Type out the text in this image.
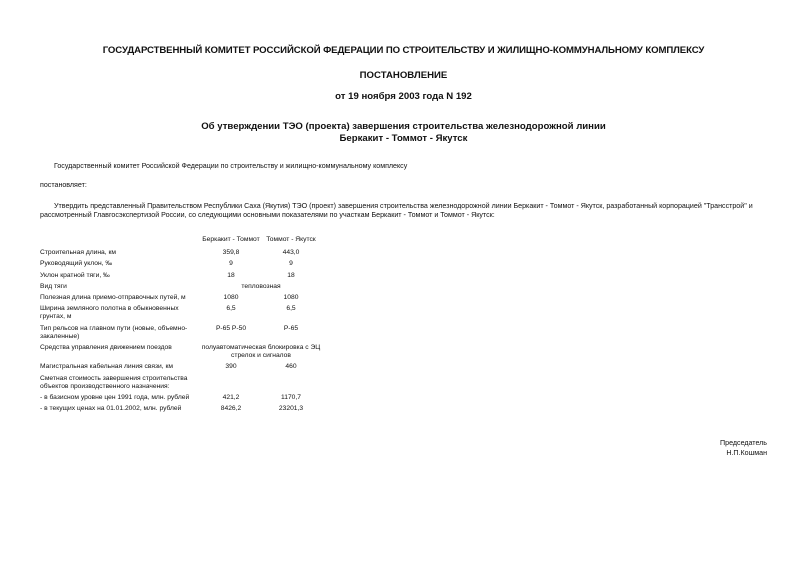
ГОСУДАРСТВЕННЫЙ КОМИТЕТ РОССИЙСКОЙ ФЕДЕРАЦИИ ПО СТРОИТЕЛЬСТВУ И ЖИЛИЩНО-КОММУНАЛЬНОМУ КОМПЛЕКСУ
ПОСТАНОВЛЕНИЕ
от 19 ноября 2003 года N 192
Об утверждении ТЭО (проекта) завершения строительства железнодорожной линии
Беркакит - Томмот - Якутск
Государственный комитет Российской Федерации по строительству и жилищно-коммунальному комплексу
постановляет:
Утвердить представленный Правительством Республики Саха (Якутия) ТЭО (проект) завершения строительства железнодорожной линии Беркакит - Томмот - Якутск, разработанный корпорацией "Трансстрой" и рассмотренный Главгосэкспертизой России, со следующими основными показателями по участкам Беркакит - Томмот и Томмот - Якутск:
		Беркакит - Томмот	Томмот - Якутск
Строительная длина, км		359,8	443,0
Руководящий уклон, ‰		9	9
Уклон кратной тяги, ‰		18	18
Вид тяги		тепловозная	
Полезная длина приемо-отправочных путей, м		1080	1080
Ширина земляного полотна в обыкновенных грунтах, м		6,5	6,5
Тип рельсов на главном пути (новые, объемно-закаленные)		Р-65 Р-50	Р-65
Средства управления движением поездов		полуавтоматическая блокировка с ЭЦ стрелок и сигналов	
Магистральная кабельная линия связи, км		390	460
Сметная стоимость завершения строительства объектов производственного назначения:			
- в базисном уровне цен 1991 года, млн. рублей		421,2	1170,7
- в текущих ценах на 01.01.2002, млн. рублей		8426,2	23201,3
Председатель
Н.П.Кошман
